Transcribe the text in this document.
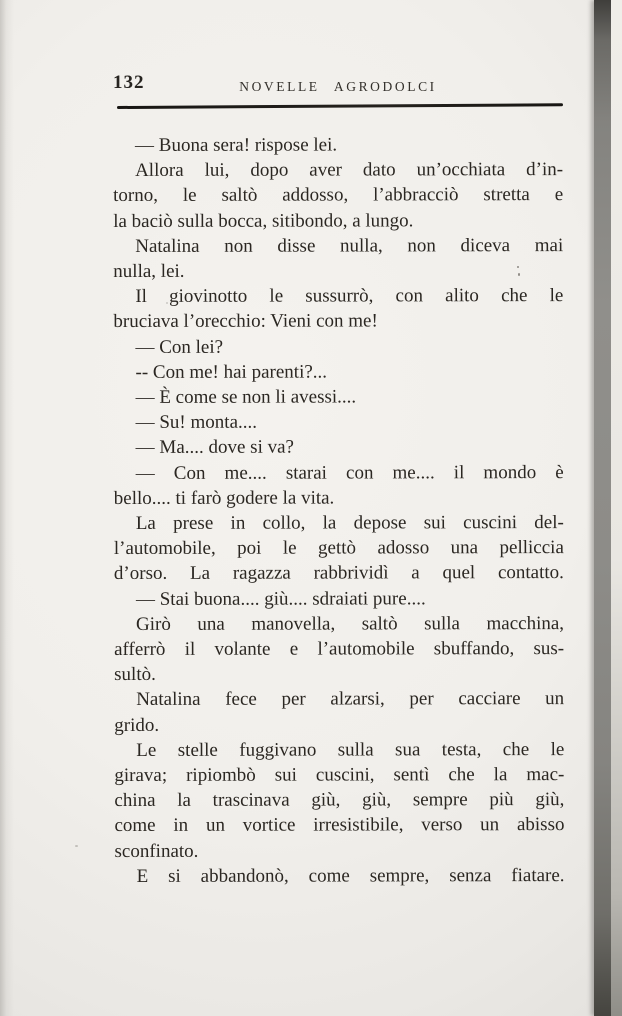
132	NOVELLE AGRODOLCI
— Buona sera! rispose lei.
Allora lui, dopo aver dato un’occhiata d’in-
torno, le saltò addosso, l’abbracciò stretta e
la baciò sulla bocca, sitibondo, a lungo.
Natalina non disse nulla, non diceva mai
nulla, lei.
Il giovinotto le sussurrò, con alito che le
bruciava l’orecchio: Vieni con me!
— Con lei?
-- Con me! hai parenti?...
— È come se non li avessi....
— Su! monta....
— Ma.... dove si va?
— Con me.... starai con me.... il mondo è
bello.... ti farò godere la vita.
La prese in collo, la depose sui cuscini del-
l’automobile, poi le gettò adosso una pelliccia
d’orso. La ragazza rabbrividì a quel contatto.
— Stai buona.... giù.... sdraiati pure....
Girò una manovella, saltò sulla macchina,
afferrò il volante e l’automobile sbuffando, sus-
sultò.
Natalina fece per alzarsi, per cacciare un
grido.
Le stelle fuggivano sulla sua testa, che le
girava; ripiombò sui cuscini, sentì che la mac-
china la trascinava giù, giù, sempre più giù,
come in un vortice irresistibile, verso un abisso
sconfinato.
E si abbandonò, come sempre, senza fiatare.
